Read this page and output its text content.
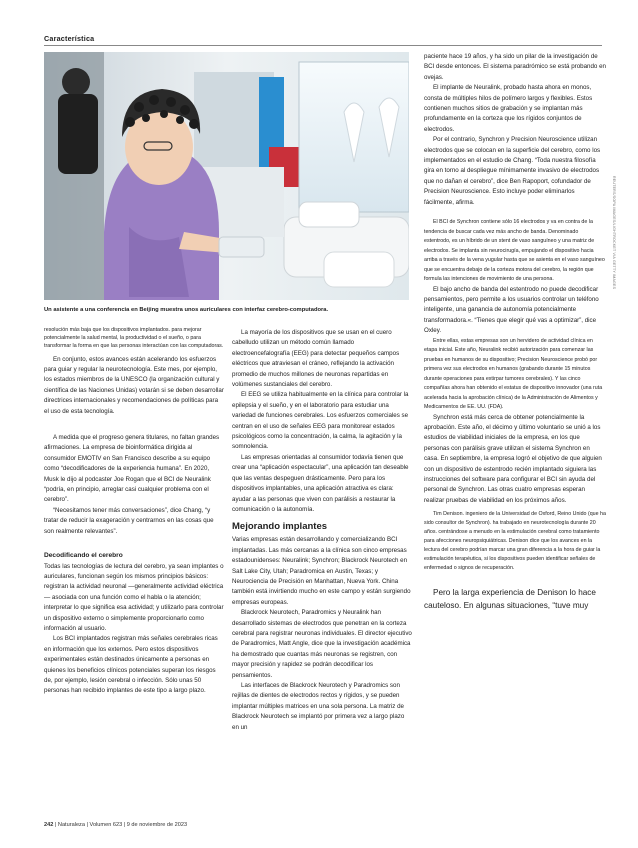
Característica
REUTERS/SOPA IMAGES/LIGHTROCKET VIA GETTY IMAGES
Un asistente a una conferencia en Beijing muestra unos auriculares con interfaz cerebro-computadora.

resolución más baja que los dispositivos implantados. para mejorar potencialmente la salud mental, la productividad o el sueño, o para transformar la forma en que las personas interactúan con las computadoras.

En conjunto, estos avances están acelerando los esfuerzos para guiar y regular la neurotecnología. Este mes, por ejemplo, los estados miembros de la UNESCO (la organización cultural y científica de las Naciones Unidas) votarán si se deben desarrollar directrices internacionales y recomendaciones de políticas para el uso de esta tecnología.

A medida que el progreso genera titulares, no faltan grandes afirmaciones. La empresa de bioinformática dirigida al consumidor EMOTIV en San Francisco describe a su equipo como “decodificadores de la experiencia humana”. En 2020, Musk le dijo al podcaster Joe Rogan que el BCI de Neuralink “podría, en principio, arreglar casi cualquier problema con el cerebro”.

“Necesitamos tener más conversaciones”, dice Chang, “y tratar de reducir la exageración y centrarnos en las cosas que son realmente relevantes”.

Decodificando el cerebro

Todas las tecnologías de lectura del cerebro, ya sean implantes o auriculares, funcionan según los mismos principios básicos: registran la actividad neuronal —generalmente actividad eléctrica— asociada con una función como el habla o la atención; interpretar lo que significa esa actividad; y utilizarlo para controlar un dispositivo externo o simplemente proporcionarlo como información al usuario.

Los BCI implantados registran más señales cerebrales ricas en información que los externos. Pero estos dispositivos experimentales están destinados únicamente a personas en quienes los beneficios clínicos potenciales superan los riesgos de, por ejemplo, lesión cerebral o infección. Sólo unas 50 personas han recibido implantes de este tipo a largo plazo.

La mayoría de los dispositivos que se usan en el cuero cabelludo utilizan un método común llamado electroencefalografía (EEG) para detectar pequeños campos eléctricos que atraviesan el cráneo, reflejando la activación promedio de muchos millones de neuronas repartidas en volúmenes sustanciales del cerebro.

El EEG se utiliza habitualmente en la clínica para controlar la epilepsia y el sueño, y en el laboratorio para estudiar una variedad de funciones cerebrales. Los esfuerzos comerciales se centran en el uso de señales EEG para monitorear estados psicológicos como la concentración, la calma, la agitación y la somnolencia.

Las empresas orientadas al consumidor todavía tienen que crear una “aplicación espectacular”, una aplicación tan deseable que las ventas despeguen drásticamente. Pero para los dispositivos implantables, una aplicación atractiva es clara: ayudar a las personas que viven con parálisis a restaurar la comunicación o la autonomía.

Mejorando implantes

Varias empresas están desarrollando y comercializando BCI implantadas. Las más cercanas a la clínica son cinco empresas estadounidenses: Neuralink; Synchron; Blackrock Neurotech en Salt Lake City, Utah; Paradromica en Austin, Texas; y Neurociencia de Precisión en Manhattan, Nueva York. China también está invirtiendo mucho en este campo y están surgiendo empresas europeas.

Blackrock Neurotech, Paradromics y Neuralink han desarrollado sistemas de electrodos que penetran en la corteza cerebral para registrar neuronas individuales. El director ejecutivo de Paradromics, Matt Angle, dice que la investigación académica ha demostrado que cuantas más neuronas se registren, con mayor precisión y rapidez se podrán decodificar los pensamientos.

Las interfaces de Blackrock Neurotech y Paradromics son rejillas de dientes de electrodos rectos y rígidos, y se pueden implantar múltiples matrices en una sola persona. La matriz de Blackrock Neurotech se implantó por primera vez a largo plazo en un

paciente hace 19 años, y ha sido un pilar de la investigación de BCI desde entonces. El sistema paradrómico se está probando en ovejas.

El implante de Neuralink, probado hasta ahora en monos, consta de múltiples hilos de polímero largos y flexibles. Estos contienen muchos sitios de grabación y se implantan más profundamente en la corteza que los rígidos conjuntos de electrodos.

Por el contrario, Synchron y Precision Neuroscience utilizan electrodos que se colocan en la superficie del cerebro, como los implementados en el estudio de Chang. “Toda nuestra filosofía gira en torno al despliegue mínimamente invasivo de electrodos que no dañan el cerebro”, dice Ben Rapoport, cofundador de Precision Neuroscience. Esto incluye poder eliminarlos fácilmente, afirma.

El BCI de Synchron contiene sólo 16 electrodos y va en contra de la tendencia de buscar cada vez más ancho de banda. Denominado estentrodo, es un híbrido de un stent de vaso sanguíneo y una matriz de electrodos. Se implanta sin neurocirugía, empujando el dispositivo hacia arriba a través de la vena yugular hasta que se asienta en el vaso sanguíneo que se encuentra debajo de la corteza motora del cerebro, la región que formula las intenciones de movimiento de una persona.

El bajo ancho de banda del estentrodo no puede decodificar pensamientos, pero permite a los usuarios controlar un teléfono inteligente, una ganancia de autonomía potencialmente transformadora.«. “Tienes que elegir qué vas a optimizar”, dice Oxley.

Entre ellas, estas empresas son un hervidero de actividad clínica en etapa inicial. Este año, Neuralink recibió autorización para comenzar las pruebas en humanos de su dispositivo; Precision Neuroscience probó por primera vez sus electrodos en humanos (grabando durante 15 minutos durante operaciones para extirpar tumores cerebrales). Y las cinco compañías ahora han obtenido el estatus de dispositivo innovador (una ruta acelerada hacia la aprobación clínica) de la Administración de Alimentos y Medicamentos de EE. UU. (FDA).

Synchron está más cerca de obtener potencialmente la aprobación. Este año, el décimo y último voluntario se unió a los estudios de viabilidad iniciales de la empresa, en los que personas con parálisis grave utilizan el sistema Synchron en casa. En septiembre, la empresa logró el objetivo de que alguien con un dispositivo de estentrodo recién implantado siguiera las instrucciones del software para configurar el BCI sin ayuda del personal de Synchron. Las otras cuatro empresas esperan realizar pruebas de viabilidad en los próximos años.

Tim Denison. ingeniero de la Universidad de Oxford, Reino Unido (que ha sido consultor de Synchron). ha trabajado en neurotecnología durante 20 años. centrándose a menudo en la estimulación cerebral como tratamiento para afecciones neuropsiquiátricas. Denison dice que los avances en la lectura del cerebro podrían marcar una gran diferencia a la hora de guiar la estimulación terapéutica, si los dispositivos pueden identificar señales de enfermedad o signos de recuperación.

Pero la larga experiencia de Denison lo hace cauteloso. En algunas situaciones, “tuve muy

242 | Naturaleza | Volumen 623 | 9 de noviembre de 2023
